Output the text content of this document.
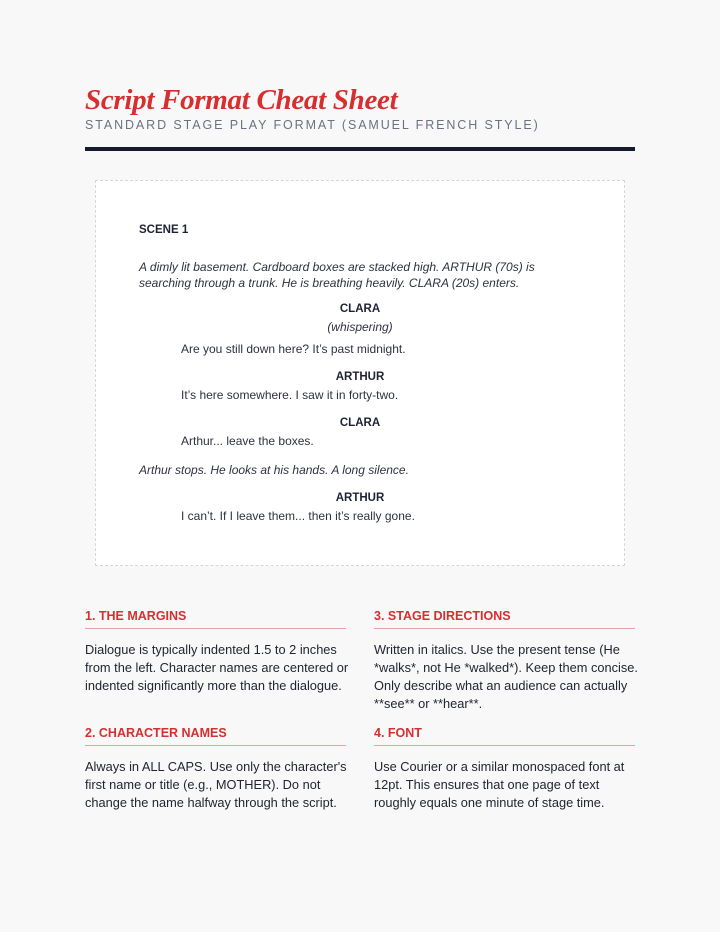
Script Format Cheat Sheet
STANDARD STAGE PLAY FORMAT (SAMUEL FRENCH STYLE)

SCENE 1

A dimly lit basement. Cardboard boxes are stacked high. ARTHUR (70s) is

searching through a trunk. He is breathing heavily. CLARA (20s) enters.

CLARA

(whispering)

Are you still down here? It’s past midnight.

ARTHUR

It’s here somewhere. I saw it in forty-two.

CLARA

Arthur... leave the boxes.

Arthur stops. He looks at his hands. A long silence.

ARTHUR

I can’t. If I leave them... then it’s really gone.

1. THE MARGINS

Dialogue is typically indented 1.5 to 2 inches from the left. Character names are centered or indented significantly more than the dialogue.

2. CHARACTER NAMES

Always in ALL CAPS. Use only the character's first name or title (e.g., MOTHER). Do not change the name halfway through the script.

3. STAGE DIRECTIONS

Written in italics. Use the present tense (He *walks*, not He *walked*). Keep them concise. Only describe what an audience can actually **see** or **hear**.

4. FONT

Use Courier or a similar monospaced font at 12pt. This ensures that one page of text roughly equals one minute of stage time.
